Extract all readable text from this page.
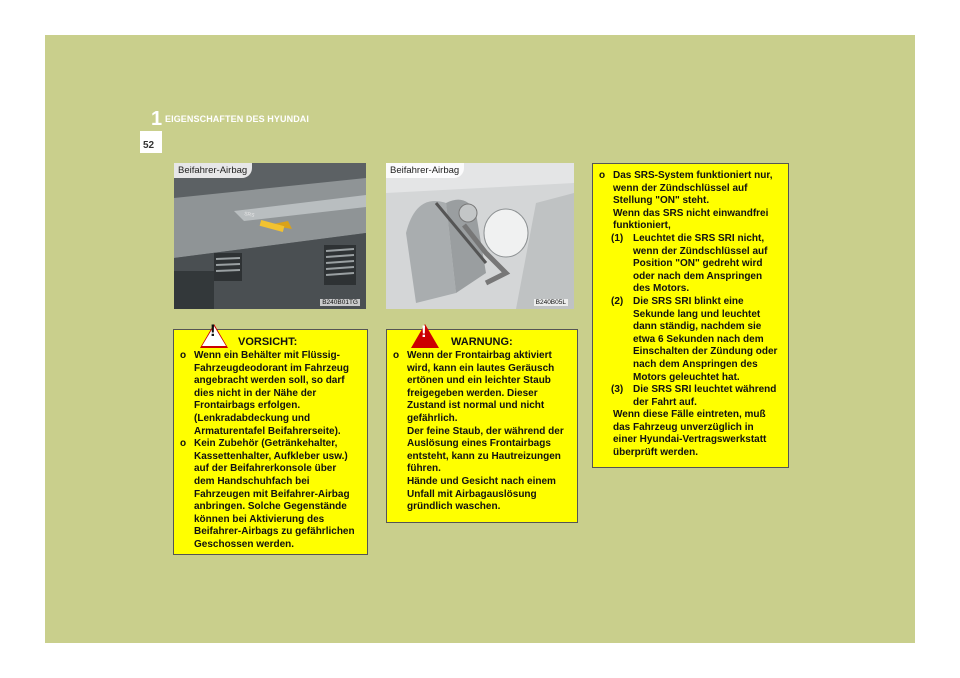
1 EIGENSCHAFTEN DES HYUNDAI
52
SRS
Beifahrer-Airbag
B240B01TG
Beifahrer-Airbag
B240B05L
!
VORSICHT:
o Wenn ein Behälter mit Flüssig-
Fahrzeugdeodorant im Fahrzeug
angebracht werden soll, so darf
dies nicht in der Nähe der
Frontairbags erfolgen.
(Lenkradabdeckung und
Armaturentafel Beifahrerseite).
o Kein Zubehör (Getränkehalter,
Kassettenhalter, Aufkleber usw.)
auf der Beifahrerkonsole über
dem Handschuhfach bei
Fahrzeugen mit Beifahrer-Airbag
anbringen. Solche Gegenstände
können bei Aktivierung des
Beifahrer-Airbags zu gefährlichen
Geschossen werden.
!
WARNUNG:
o Wenn der Frontairbag aktiviert
wird, kann ein lautes Geräusch
ertönen und ein leichter Staub
freigegeben werden. Dieser
Zustand ist normal und nicht
gefährlich.
Der feine Staub, der während der
Auslösung eines Frontairbags
entsteht, kann zu Hautreizungen
führen.
Hände und Gesicht nach einem
Unfall mit Airbagauslösung
gründlich waschen.
o Das SRS-System funktioniert nur,
wenn der Zündschlüssel auf
Stellung "ON" steht.
Wenn das SRS nicht einwandfrei
funktioniert,
(1) Leuchtet die SRS SRI nicht,
wenn der Zündschlüssel auf
Position "ON" gedreht wird
oder nach dem Anspringen
des Motors.
(2) Die SRS SRI blinkt eine
Sekunde lang und leuchtet
dann ständig, nachdem sie
etwa 6 Sekunden nach dem
Einschalten der Zündung oder
nach dem Anspringen des
Motors geleuchtet hat.
(3) Die SRS SRI leuchtet während
der Fahrt auf.
Wenn diese Fälle eintreten, muß
das Fahrzeug unverzüglich in
einer Hyundai-Vertragswerkstatt
überprüft werden.
